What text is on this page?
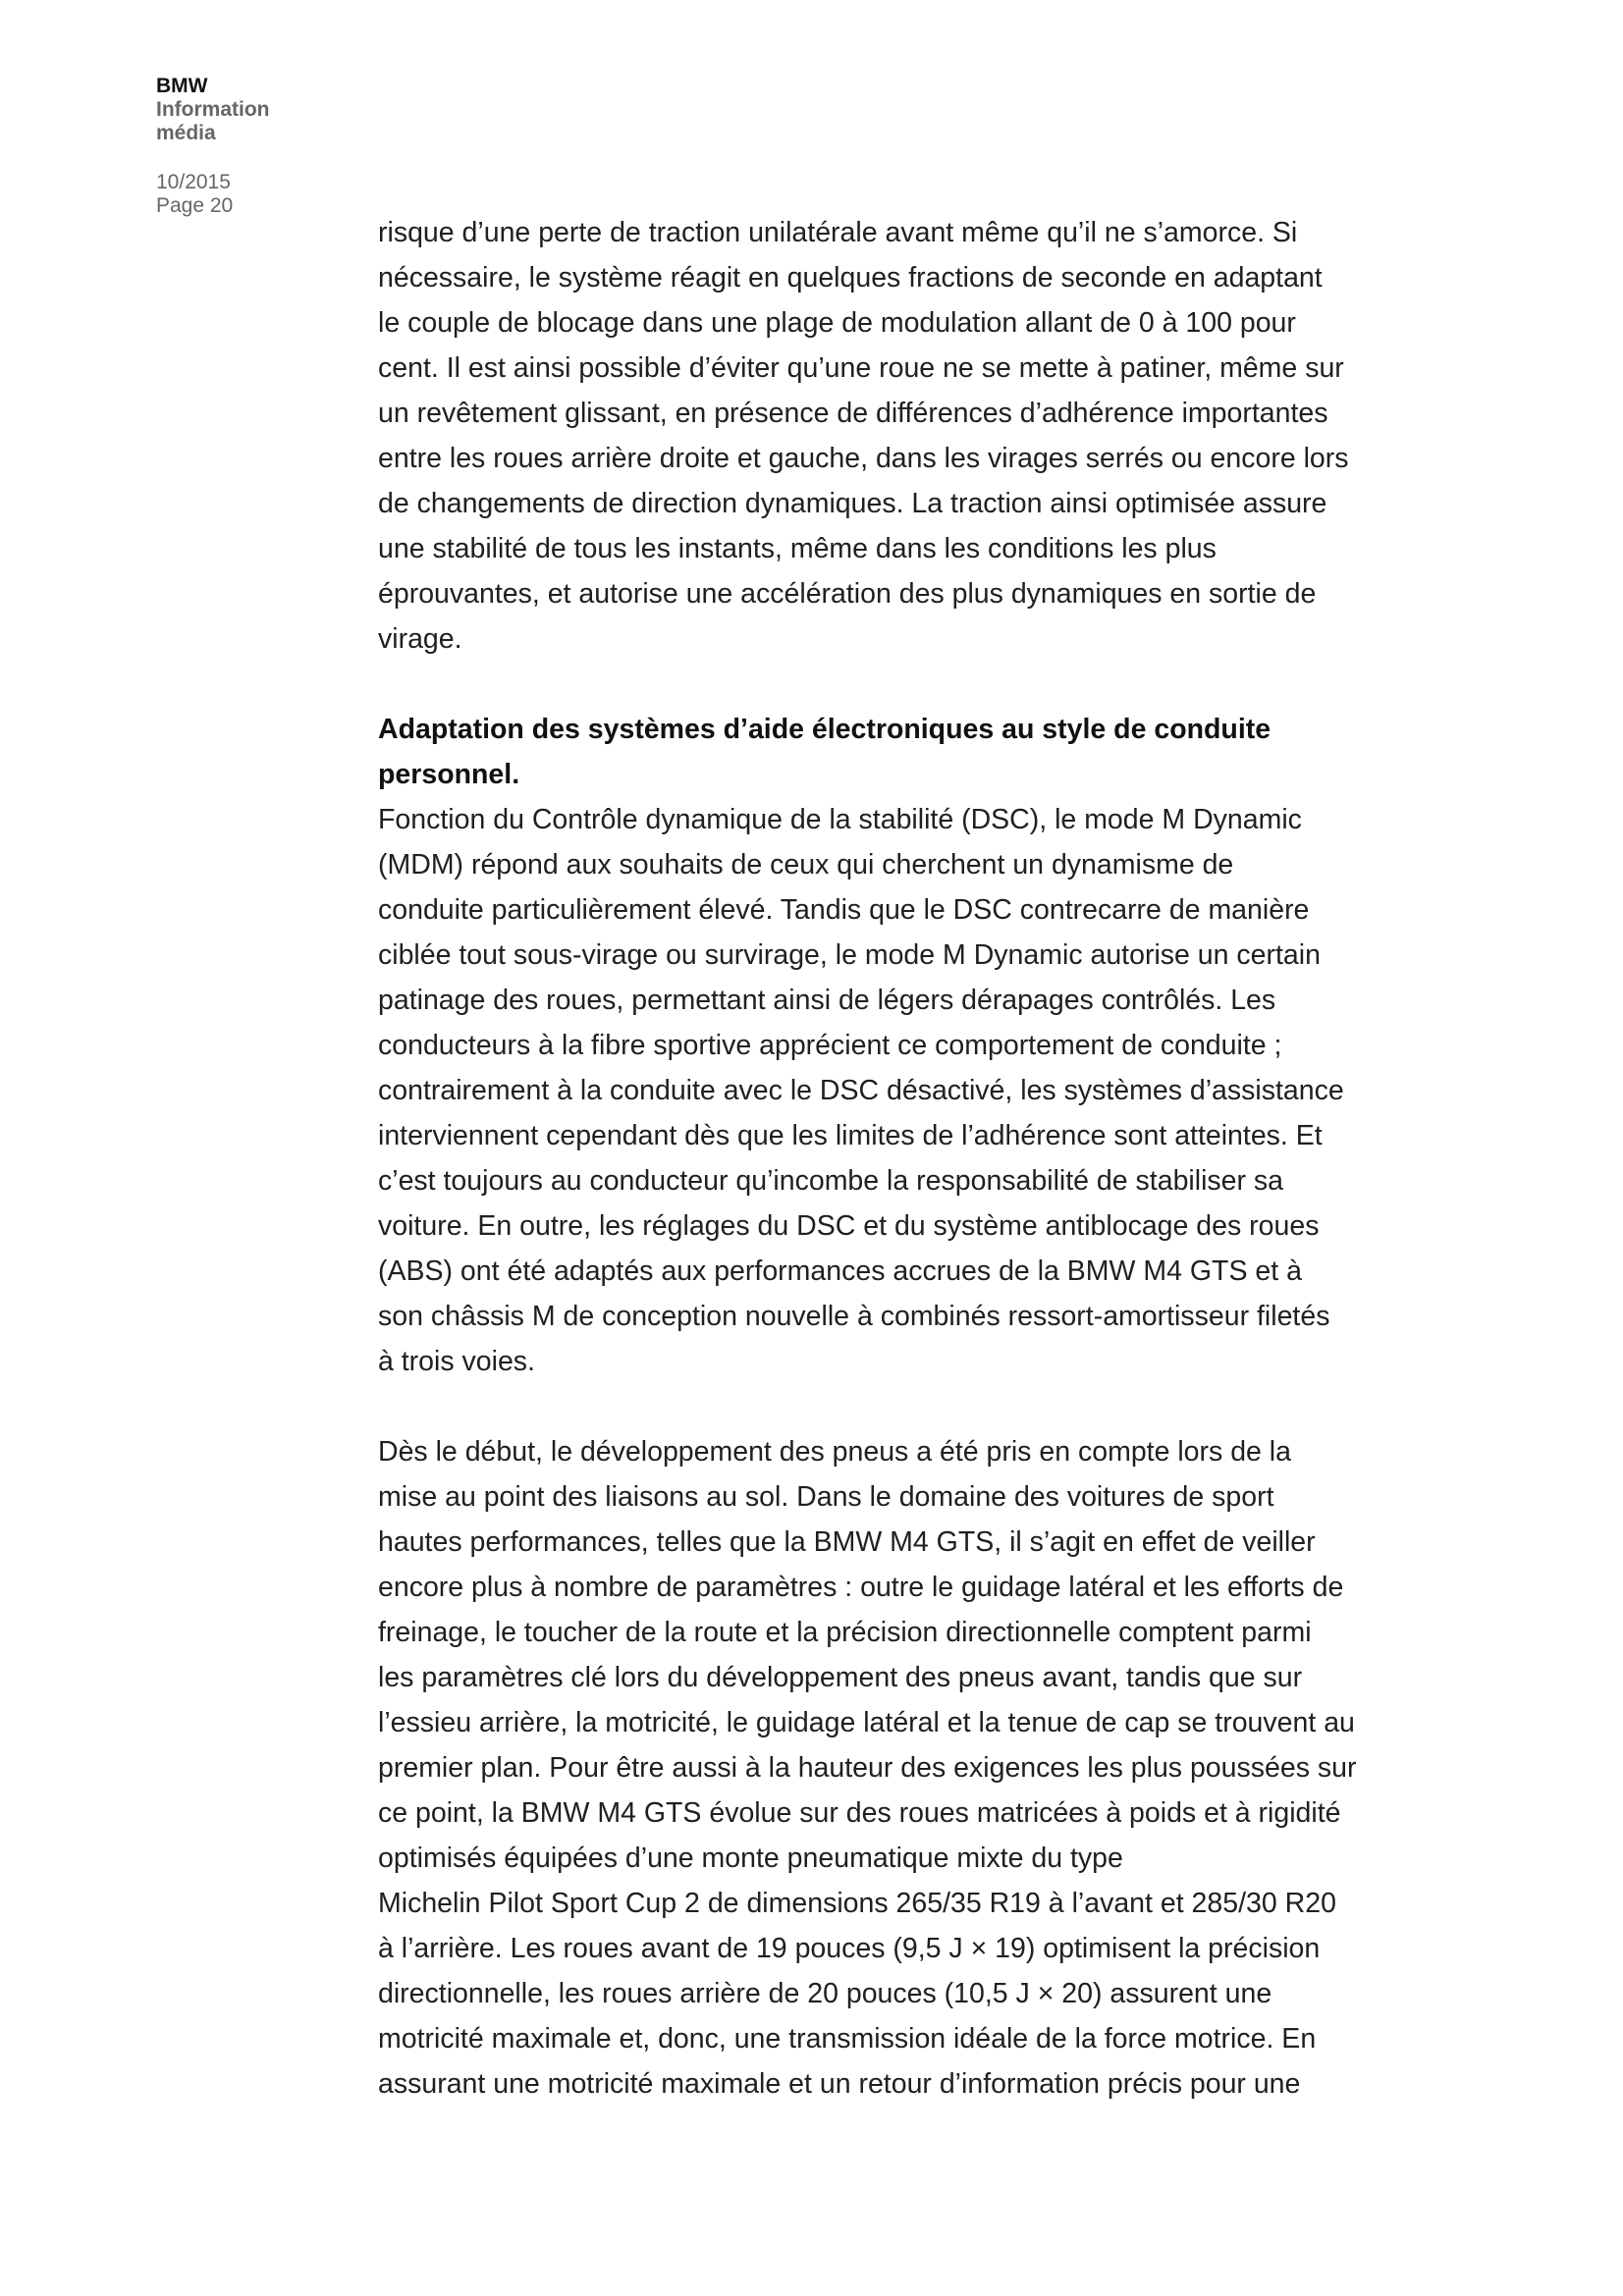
BMW
Information
média
10/2015
Page 20

risque d’une perte de traction unilatérale avant même qu’il ne s’amorce. Si
nécessaire, le système réagit en quelques fractions de seconde en adaptant
le couple de blocage dans une plage de modulation allant de 0 à 100 pour
cent. Il est ainsi possible d’éviter qu’une roue ne se mette à patiner, même sur
un revêtement glissant, en présence de différences d’adhérence importantes
entre les roues arrière droite et gauche, dans les virages serrés ou encore lors
de changements de direction dynamiques. La traction ainsi optimisée assure
une stabilité de tous les instants, même dans les conditions les plus
éprouvantes, et autorise une accélération des plus dynamiques en sortie de
virage.

Adaptation des systèmes d’aide électroniques au style de conduite
personnel.

Fonction du Contrôle dynamique de la stabilité (DSC), le mode M Dynamic
(MDM) répond aux souhaits de ceux qui cherchent un dynamisme de
conduite particulièrement élevé. Tandis que le DSC contrecarre de manière
ciblée tout sous-virage ou survirage, le mode M Dynamic autorise un certain
patinage des roues, permettant ainsi de légers dérapages contrôlés. Les
conducteurs à la fibre sportive apprécient ce comportement de conduite ;
contrairement à la conduite avec le DSC désactivé, les systèmes d’assistance
interviennent cependant dès que les limites de l’adhérence sont atteintes. Et
c’est toujours au conducteur qu’incombe la responsabilité de stabiliser sa
voiture. En outre, les réglages du DSC et du système antiblocage des roues
(ABS) ont été adaptés aux performances accrues de la BMW M4 GTS et à
son châssis M de conception nouvelle à combinés ressort-amortisseur filetés
à trois voies.

Dès le début, le développement des pneus a été pris en compte lors de la
mise au point des liaisons au sol. Dans le domaine des voitures de sport
hautes performances, telles que la BMW M4 GTS, il s’agit en effet de veiller
encore plus à nombre de paramètres : outre le guidage latéral et les efforts de
freinage, le toucher de la route et la précision directionnelle comptent parmi
les paramètres clé lors du développement des pneus avant, tandis que sur
l’essieu arrière, la motricité, le guidage latéral et la tenue de cap se trouvent au
premier plan. Pour être aussi à la hauteur des exigences les plus poussées sur
ce point, la BMW M4 GTS évolue sur des roues matricées à poids et à rigidité
optimisés équipées d’une monte pneumatique mixte du type
Michelin Pilot Sport Cup 2 de dimensions 265/35 R19 à l’avant et 285/30 R20
à l’arrière. Les roues avant de 19 pouces (9,5 J × 19) optimisent la précision
directionnelle, les roues arrière de 20 pouces (10,5 J × 20) assurent une
motricité maximale et, donc, une transmission idéale de la force motrice. En
assurant une motricité maximale et un retour d’information précis pour une
